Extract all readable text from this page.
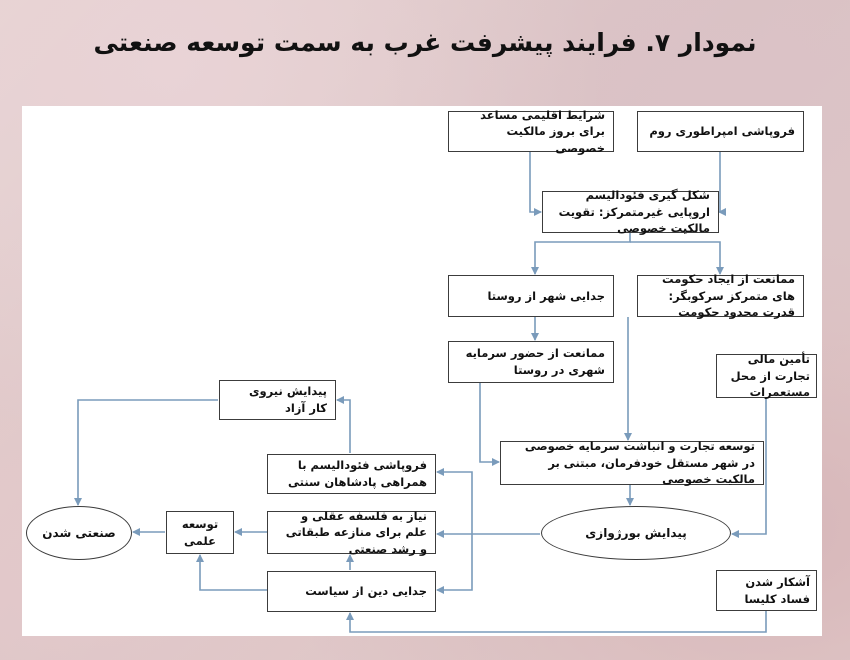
نمودار ۷. فرایند پیشرفت غرب به سمت توسعه صنعتی
شرایط اقلیمی مساعد برای بروز مالکیت خصوصی
فروپاشی امپراطوری روم
شکل گیری فئودالیسم اروپایی غیرمتمرکز: تقویت مالکیت خصوصی
جدایی شهر از روستا
ممانعت از ایجاد حکومت های متمرکز سرکوبگر: قدرت محدود حکومت
ممانعت از حضور سرمایه شهری در روستا
تأمین مالی تجارت از محل مستعمرات
توسعه تجارت و انباشت سرمایه خصوصی در شهر مستقل خودفرمان، مبتنی بر مالکیت خصوصی
پیدایش بورژوازی
پیدایش نیروی کار آزاد
فروپاشی فئودالیسم با همراهی پادشاهان سنتی
نیاز به فلسفه عقلی و علم برای منازعه طبقاتی و رشد صنعتی
توسعه علمی
صنعتی شدن
جدایی دین از سیاست
آشکار شدن فساد کلیسا
